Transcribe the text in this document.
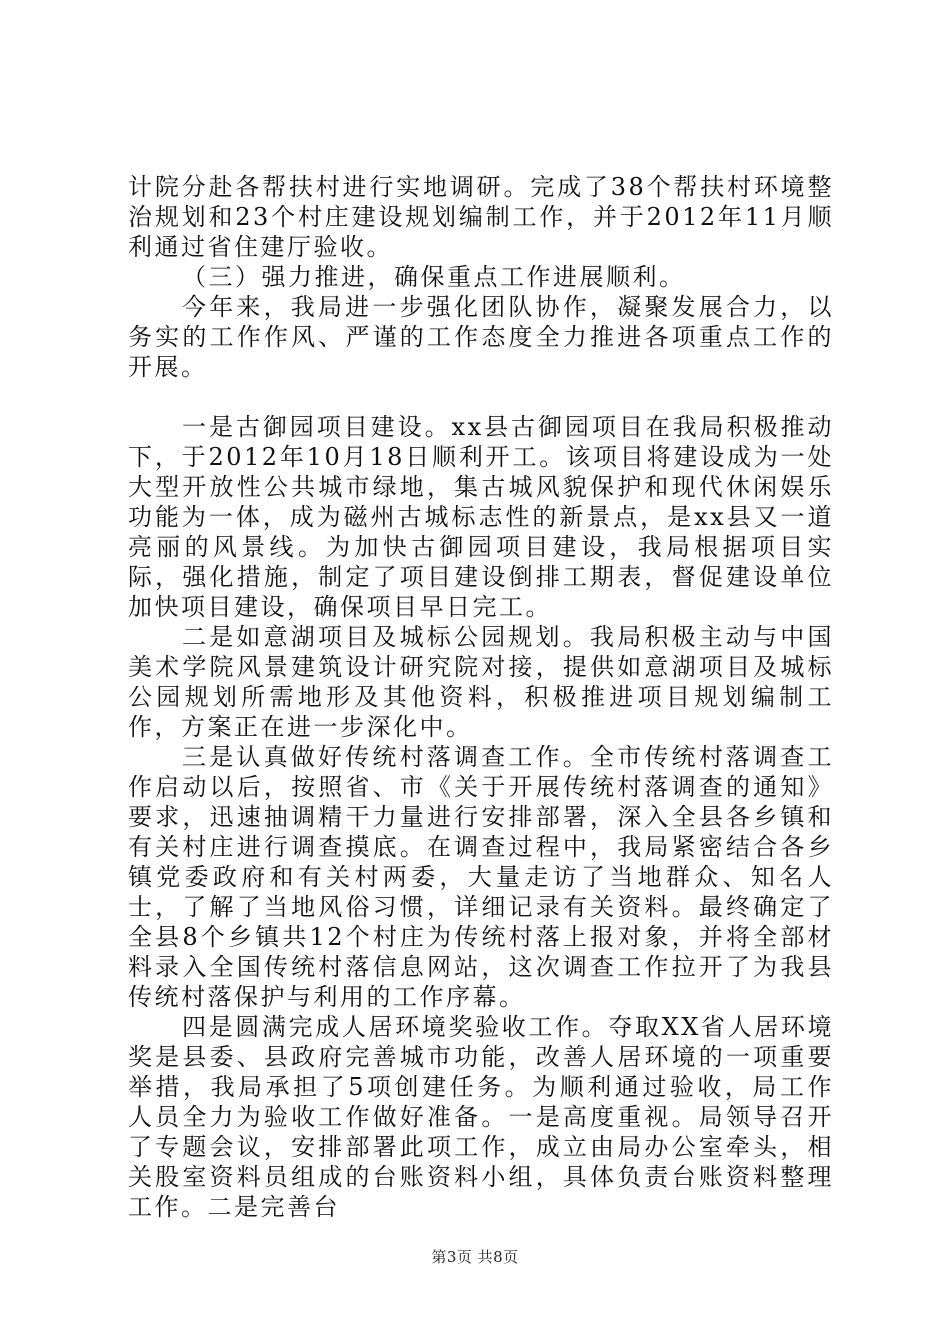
计院分赴各帮扶村进行实地调研。完成了38个帮扶村环境整治规划和23个村庄建设规划编制工作，并于2012年11月顺利通过省住建厅验收。

（三）强力推进，确保重点工作进展顺利。

今年来，我局进一步强化团队协作，凝聚发展合力，以务实的工作作风、严谨的工作态度全力推进各项重点工作的开展。

一是古御园项目建设。xx县古御园项目在我局积极推动下，于2012年10月18日顺利开工。该项目将建设成为一处大型开放性公共城市绿地，集古城风貌保护和现代休闲娱乐功能为一体，成为磁州古城标志性的新景点，是xx县又一道亮丽的风景线。为加快古御园项目建设，我局根据项目实际，强化措施，制定了项目建设倒排工期表，督促建设单位加快项目建设，确保项目早日完工。

二是如意湖项目及城标公园规划。我局积极主动与中国美术学院风景建筑设计研究院对接，提供如意湖项目及城标公园规划所需地形及其他资料，积极推进项目规划编制工作，方案正在进一步深化中。

三是认真做好传统村落调查工作。全市传统村落调查工作启动以后，按照省、市《关于开展传统村落调查的通知》要求，迅速抽调精干力量进行安排部署，深入全县各乡镇和有关村庄进行调查摸底。在调查过程中，我局紧密结合各乡镇党委政府和有关村两委，大量走访了当地群众、知名人士，了解了当地风俗习惯，详细记录有关资料。最终确定了全县8个乡镇共12个村庄为传统村落上报对象，并将全部材料录入全国传统村落信息网站，这次调查工作拉开了为我县传统村落保护与利用的工作序幕。

四是圆满完成人居环境奖验收工作。夺取XX省人居环境奖是县委、县政府完善城市功能，改善人居环境的一项重要举措，我局承担了5项创建任务。为顺利通过验收，局工作人员全力为验收工作做好准备。一是高度重视。局领导召开了专题会议，安排部署此项工作，成立由局办公室牵头，相关股室资料员组成的台账资料小组，具体负责台账资料整理工作。二是完善台

第3页 共8页
